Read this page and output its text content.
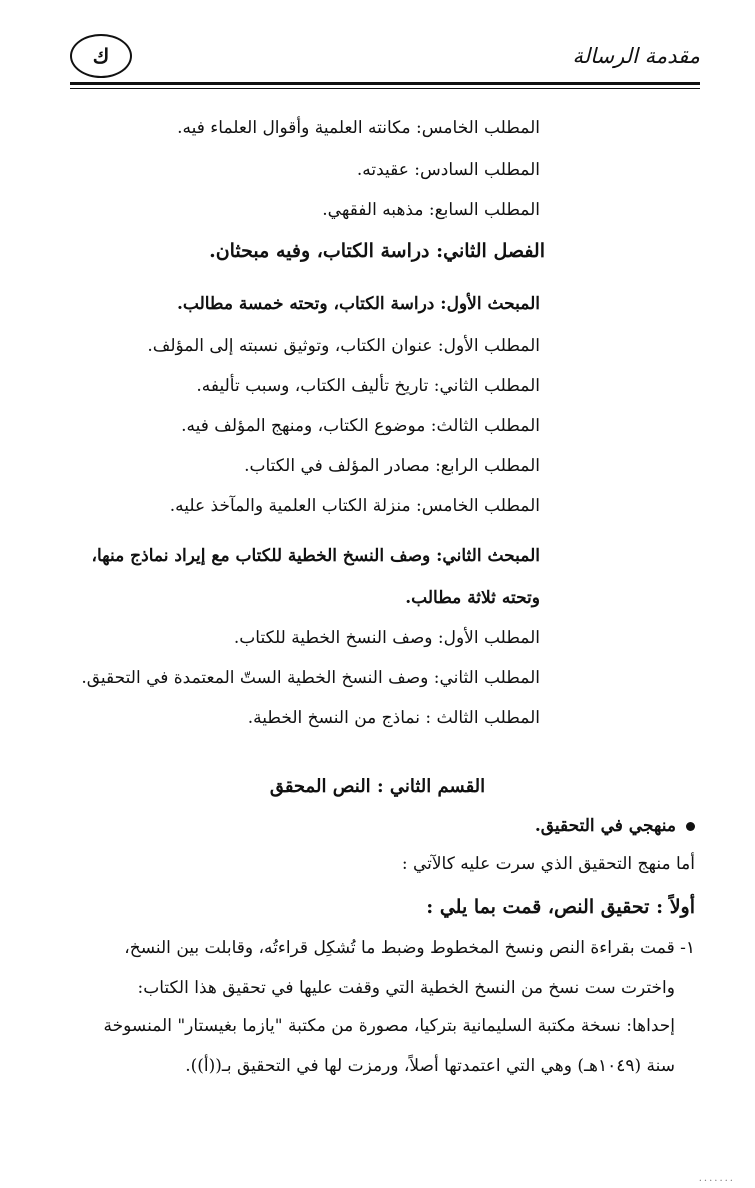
ك	مقدمة الرسالة
المطلب الخامس: مكانته العلمية وأقوال العلماء فيه.
المطلب السادس: عقيدته.
المطلب السابع: مذهبه الفقهي.
الفصل الثاني: دراسة الكتاب، وفيه مبحثان.
المبحث الأول: دراسة الكتاب، وتحته خمسة مطالب.
المطلب الأول: عنوان الكتاب، وتوثيق نسبته إلى المؤلف.
المطلب الثاني: تاريخ تأليف الكتاب، وسبب تأليفه.
المطلب الثالث: موضوع الكتاب، ومنهج المؤلف فيه.
المطلب الرابع: مصادر المؤلف في الكتاب.
المطلب الخامس: منزلة الكتاب العلمية والمآخذ عليه.
المبحث الثاني: وصف النسخ الخطية للكتاب مع إيراد نماذج منها،
وتحته ثلاثة مطالب.
المطلب الأول: وصف النسخ الخطية للكتاب.
المطلب الثاني: وصف النسخ الخطية الستّ المعتمدة في التحقيق.
المطلب الثالث : نماذج من النسخ الخطية.
القسم الثاني : النص المحقق
منهجي في التحقيق.
أما منهج التحقيق الذي سرت عليه كالآتي :
أولاً : تحقيق النص، قمت بما يلي :
١- قمت بقراءة النص ونسخ المخطوط وضبط ما تُشكِل قراءتُه، وقابلت بين النسخ،
واخترت ست نسخ من النسخ الخطية التي وقفت عليها في تحقيق هذا الكتاب:
إحداها: نسخة مكتبة السليمانية بتركيا، مصورة من مكتبة "يازما بغيستار" المنسوخة
سنة (١٠٤٩هـ) وهي التي اعتمدتها أصلاً، ورمزت لها في التحقيق بـ((أ)).
.......
